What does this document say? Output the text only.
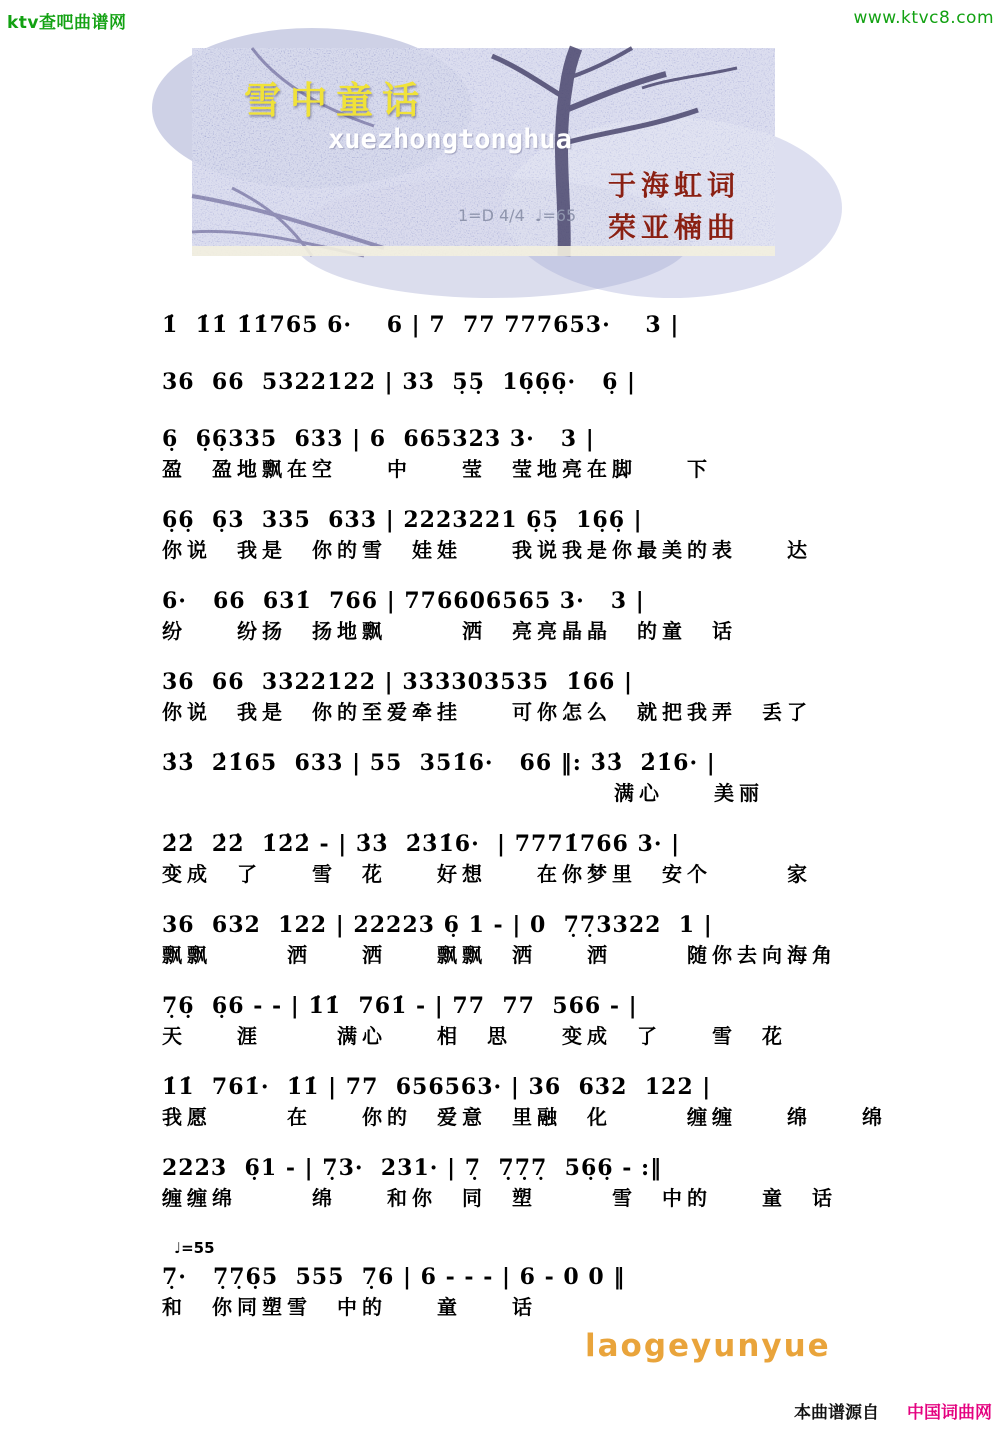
ktv查吧曲谱网	www.ktvc8.com
雪中童话
xuezhongtonghua
1=D 4/4  ♩=65
于海虹词
荣亚楠曲
1̇  1̇1̇ 1̇1̇765 6·    6 | 7  77 777653·    3 |
36  66  5322122 | 33  5̣5̣  16̣6̣6̣·   6̣ |
6̣  6̣6̣335  633 | 6  665323 3·   3 |
盈　盈地飘在空　　中　　莹　莹地亮在脚　　下
6̣6̣  6̣3  335  633 | 2223221 6̣5̣  16̣6̣ |
你说　我是　你的雪　娃娃　　我说我是你最美的表　　达
6·   66  631̇  766 | 776606565 3·   3 |
纷　　纷扬　扬地飘　　　洒　亮亮晶晶　的童　话
36  66  3322122 | 333303535  1̇66 |
你说　我是　你的至爱牵挂　　可你怎么　就把我弄　丢了
3̇3̇  2̇1̇65  633 | 55  351̇6·   66 ‖: 3̇3̇  2̇1̇6· |
满心　　美丽
2̇2̇  2̇2̇  1̇2̇2̇ - | 3̇3̇  2̇3̇1̇6·  | 7771̇766 3· |
变成　了　　雪　花　　好想　　在你梦里　安个　　　家
36  632  122 | 22223 6̣ 1 - | 0  7̣7̣3322  1 |
飘飘　　　洒　　洒　　飘飘　洒　　洒　　　随你去向海角
7̣6̣  6̣6 - - | 1̇1̇  761̇ - | 77  77  566 - |
天　　涯　　　满心　　相　思　　变成　了　　雪　花
1̇1̇  761̇·  1̇1̇ | 77  656563· | 36  632  122 |
我愿　　　在　　你的　爱意　里融　化　　　缠缠　　绵　　绵
2223  6̣1 - | 7̣3·  231· | 7̣  7̣7̣7̣  56̣6̣ - :‖
缠缠绵　　　绵　　和你　同　塑　　　雪　中的　　童　话
♩=55
7̣·   7̣7̣6̣5  555  7̣6 | 6 - - - | 6 - 0 0 ‖
和　你同塑雪　中的　　童　　话
laogeyunyue

本曲谱源自 中国词曲网
